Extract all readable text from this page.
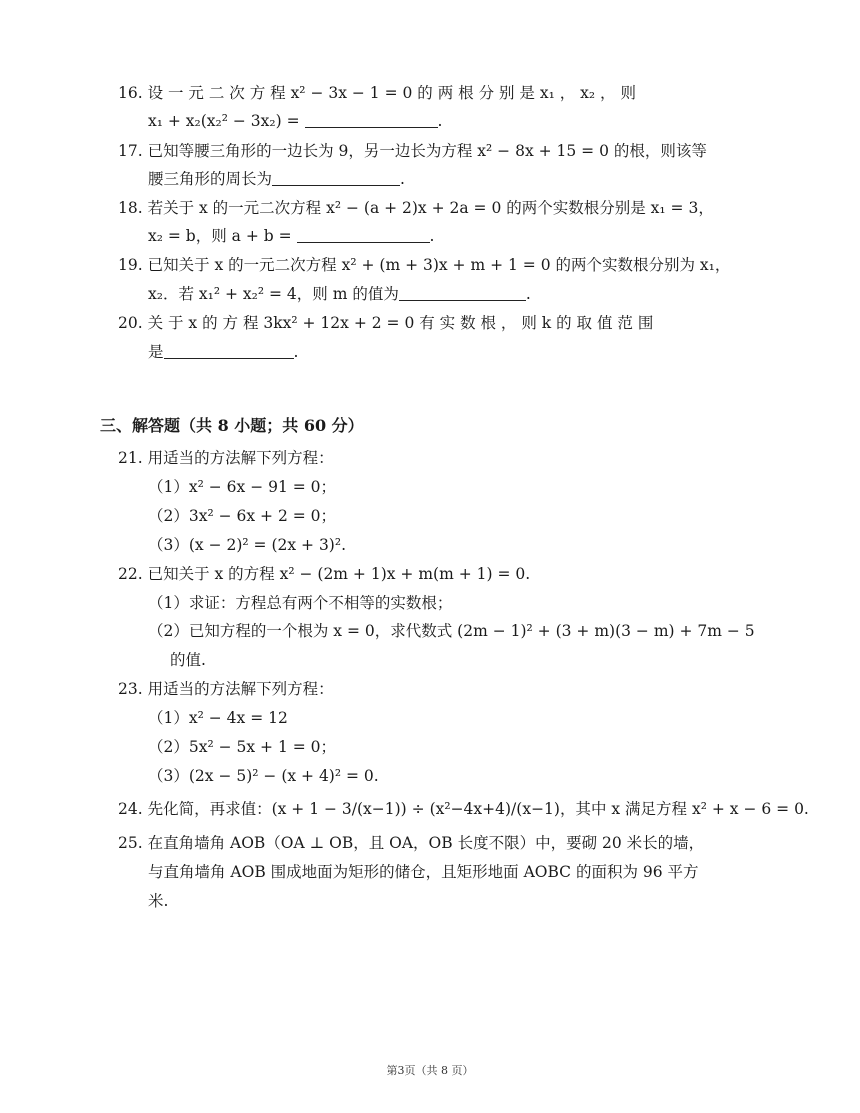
16. 设 一 元 二 次 方 程 x² − 3x − 1 = 0 的 两 根 分 别 是 x₁ ， x₂ ， 则
x₁ + x₂(x₂² − 3x₂) =	.
17. 已知等腰三角形的一边长为 9，另一边长为方程 x² − 8x + 15 = 0 的根，则该等
腰三角形的周长为	.
18. 若关于 x 的一元二次方程 x² − (a + 2)x + 2a = 0 的两个实数根分别是 x₁ = 3，
x₂ = b，则 a + b =	.
19. 已知关于 x 的一元二次方程 x² + (m + 3)x + m + 1 = 0 的两个实数根分别为 x₁，
x₂．若 x₁² + x₂² = 4，则 m 的值为	.
20. 关 于 x 的 方 程 3kx² + 12x + 2 = 0 有 实 数 根 ， 则 k 的 取 值 范 围
是	.
三、解答题（共 8 小题；共 60 分）
21. 用适当的方法解下列方程：
（1）x² − 6x − 91 = 0；
（2）3x² − 6x + 2 = 0；
（3）(x − 2)² = (2x + 3)².
22. 已知关于 x 的方程 x² − (2m + 1)x + m(m + 1) = 0.
（1）求证：方程总有两个不相等的实数根；
（2）已知方程的一个根为 x = 0，求代数式 (2m − 1)² + (3 + m)(3 − m) + 7m − 5
的值.
23. 用适当的方法解下列方程：
（1）x² − 4x = 12
（2）5x² − 5x + 1 = 0；
（3）(2x − 5)² − (x + 4)² = 0.
24. 先化简，再求值：(x + 1 − 3/(x−1)) ÷ (x²−4x+4)/(x−1)，其中 x 满足方程 x² + x − 6 = 0.
25. 在直角墙角 AOB（OA ⊥ OB，且 OA，OB 长度不限）中，要砌 20 米长的墙，
与直角墙角 AOB 围成地面为矩形的储仓，且矩形地面 AOBC 的面积为 96 平方
米.
第3页（共 8 页）
